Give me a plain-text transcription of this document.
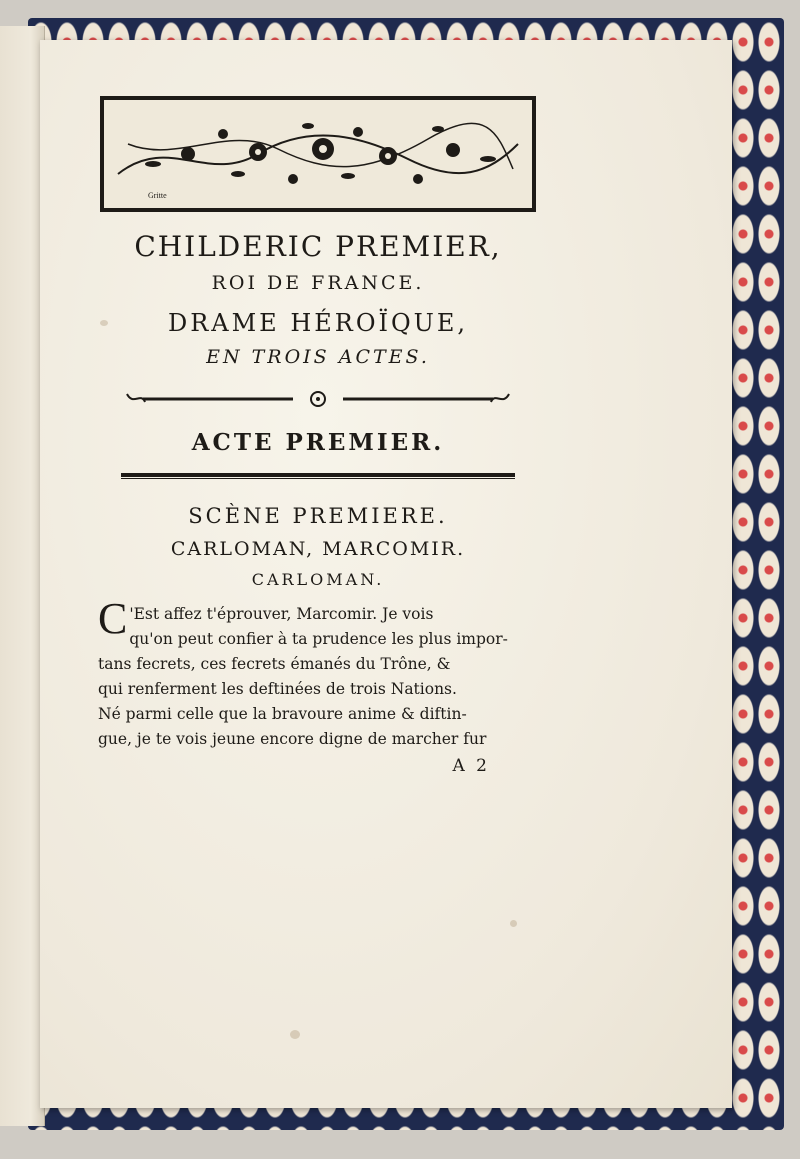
Gritte
CHILDERIC PREMIER,
ROI DE FRANCE.
DRAME HÉROÏQUE,
EN TROIS ACTES.
ACTE PREMIER.
SCÈNE PREMIERE.
CARLOMAN, MARCOMIR.
CARLOMAN.
C 'Est affez t'éprouver, Marcomir. Je vois
qu'on peut confier à ta prudence les plus impor-
tans fecrets, ces fecrets émanés du Trône, &
qui renferment les deftinées de trois Nations.
Né parmi celle que la bravoure anime & diftin-
gue, je te vois jeune encore digne de marcher fur
A 2
